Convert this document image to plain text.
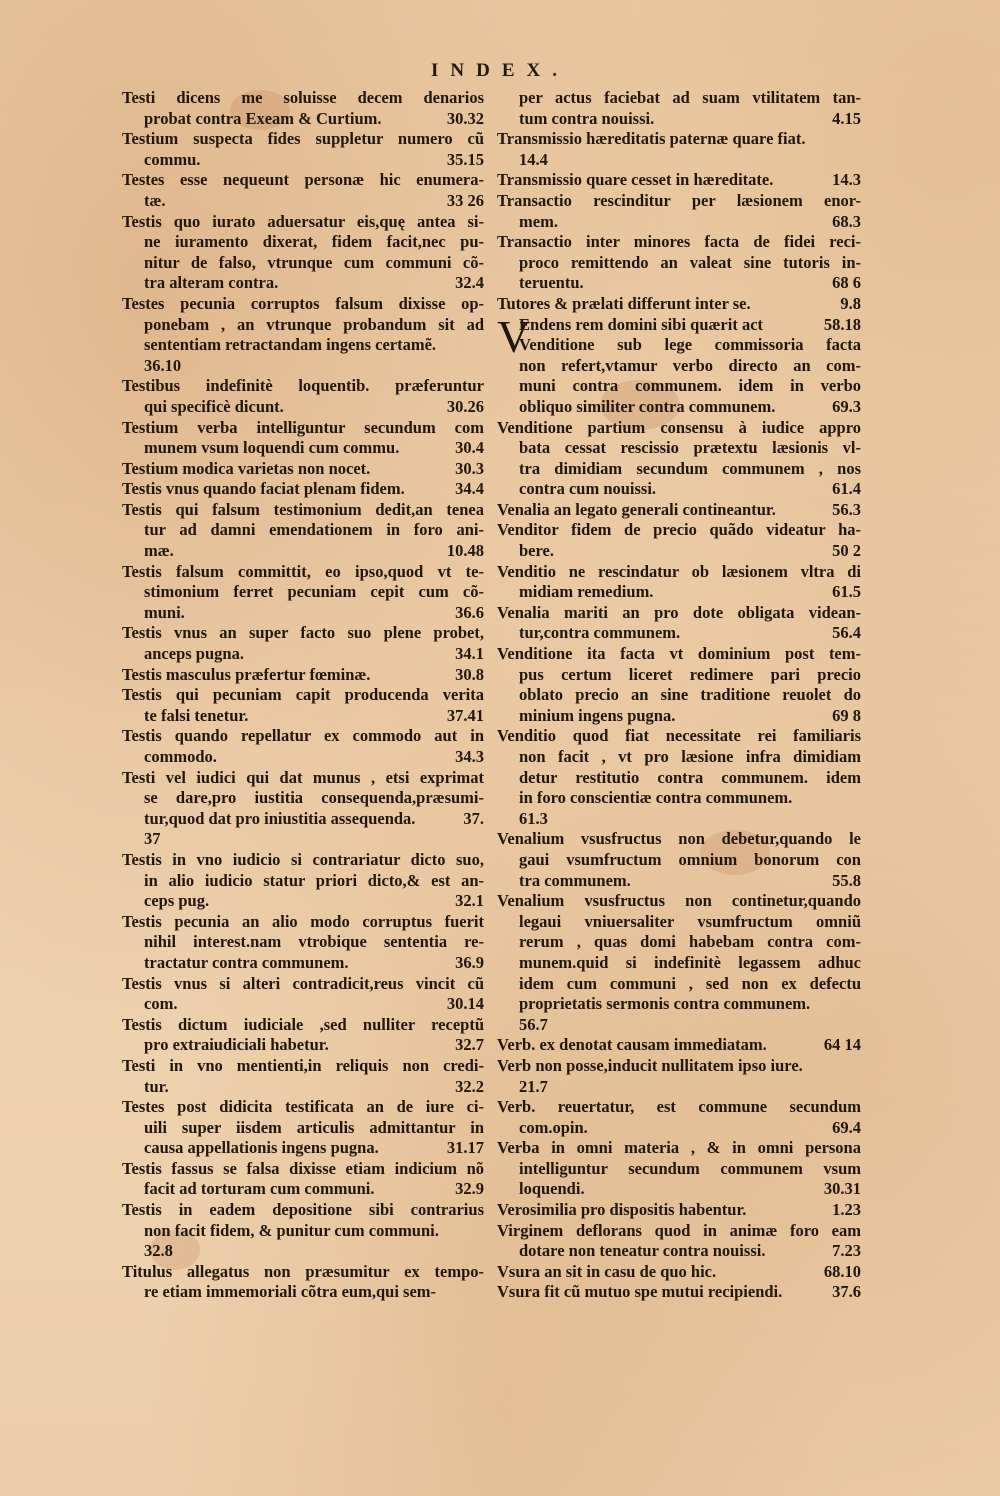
INDEX.
Testi dicens me soluisse decem denarios
probat contra Exeam & Curtium.	30.32
Testium suspecta fides suppletur numero cũ
commu.	35.15
Testes esse nequeunt personæ hic enumera-
tæ.	33 26
Testis quo iurato aduersatur eis,quę antea si-
ne iuramento dixerat, fidem facit,nec pu-
nitur de falso, vtrunque cum communi cõ-
tra alteram contra.	32.4
Testes pecunia corruptos falsum dixisse op-
ponebam , an vtrunque probandum sit ad
sententiam retractandam ingens certamẽ.
36.10
Testibus indefinitè loquentib. præferuntur
qui specificè dicunt.	30.26
Testium verba intelliguntur secundum com
munem vsum loquendi cum commu.	30.4
Testium modica varietas non nocet.	30.3
Testis vnus quando faciat plenam fidem.	34.4
Testis qui falsum testimonium dedit,an tenea
tur ad damni emendationem in foro ani-
mæ.	10.48
Testis falsum committit, eo ipso,quod vt te-
stimonium ferret pecuniam cepit cum cõ-
muni.	36.6
Testis vnus an super facto suo plene probet,
anceps pugna.	34.1
Testis masculus præfertur fœminæ.	30.8
Testis qui pecuniam capit producenda verita
te falsi tenetur.	37.41
Testis quando repellatur ex commodo aut in
commodo.	34.3
Testi vel iudici qui dat munus , etsi exprimat
se dare,pro iustitia consequenda,præsumi-
tur,quod dat pro iniustitia assequenda.	37.
37
Testis in vno iudicio si contrariatur dicto suo,
in alio iudicio statur priori dicto,& est an-
ceps pug.	32.1
Testis pecunia an alio modo corruptus fuerit
nihil interest.nam vtrobique sententia re-
tractatur contra communem.	36.9
Testis vnus si alteri contradicit,reus vincit cũ
com.	30.14
Testis dictum iudiciale ,sed nulliter receptũ
pro extraiudiciali habetur.	32.7
Testi in vno mentienti,in reliquis non credi-
tur.	32.2
Testes post didicita testificata an de iure ci-
uili super iisdem articulis admittantur in
causa appellationis ingens pugna.	31.17
Testis fassus se falsa dixisse etiam indicium nõ
facit ad torturam cum communi.	32.9
Testis in eadem depositione sibi contrarius
non facit fidem, & punitur cum communi.
32.8
Titulus allegatus non præsumitur ex tempo-
re etiam immemoriali cõtra eum,qui sem-
per actus faciebat ad suam vtilitatem tan-
tum contra nouissi.	4.15
Transmissio hæreditatis paternæ quare fiat.
14.4
Transmissio quare cesset in hæreditate.	14.3
Transactio rescinditur per læsionem enor-
mem.	68.3
Transactio inter minores facta de fidei reci-
proco remittendo an valeat sine tutoris in-
teruentu.	68 6
Tutores & prælati differunt inter se.	9.8
V
Endens rem domini sibi quærit act	58.18
Venditione sub lege commissoria facta
non refert,vtamur verbo directo an com-
muni contra communem. idem in verbo
obliquo similiter contra communem.	69.3
Venditione partium consensu à iudice appro
bata cessat rescissio prætextu læsionis vl-
tra dimidiam secundum communem , nos
contra cum nouissi.	61.4
Venalia an legato generali contineantur.	56.3
Venditor fidem de precio quãdo videatur ha-
bere.	50 2
Venditio ne rescindatur ob læsionem vltra di
midiam remedium.	61.5
Venalia mariti an pro dote obligata videan-
tur,contra communem.	56.4
Venditione ita facta vt dominium post tem-
pus certum liceret redimere pari precio
oblato precio an sine traditione reuolet do
minium ingens pugna.	69 8
Venditio quod fiat necessitate rei familiaris
non facit , vt pro læsione infra dimidiam
detur restitutio contra communem. idem
in foro conscientiæ contra communem.
61.3
Venalium vsusfructus non debetur,quando le
gaui vsumfructum omnium bonorum con
tra communem.	55.8
Venalium vsusfructus non continetur,quando
legaui vniuersaliter vsumfructum omniũ
rerum , quas domi habebam contra com-
munem.quid si indefinitè legassem adhuc
idem cum communi , sed non ex defectu
proprietatis sermonis contra communem.
56.7
Verb. ex denotat causam immediatam.	64 14
Verb non posse,inducit nullitatem ipso iure.
21.7
Verb. reuertatur, est commune secundum
com.opin.	69.4
Verba in omni materia , & in omni persona
intelliguntur secundum communem vsum
loquendi.	30.31
Verosimilia pro dispositis habentur.	1.23
Virginem deflorans quod in animæ foro eam
dotare non teneatur contra nouissi.	7.23
Vsura an sit in casu de quo hic.	68.10
Vsura fit cũ mutuo spe mutui recipiendi.	37.6
